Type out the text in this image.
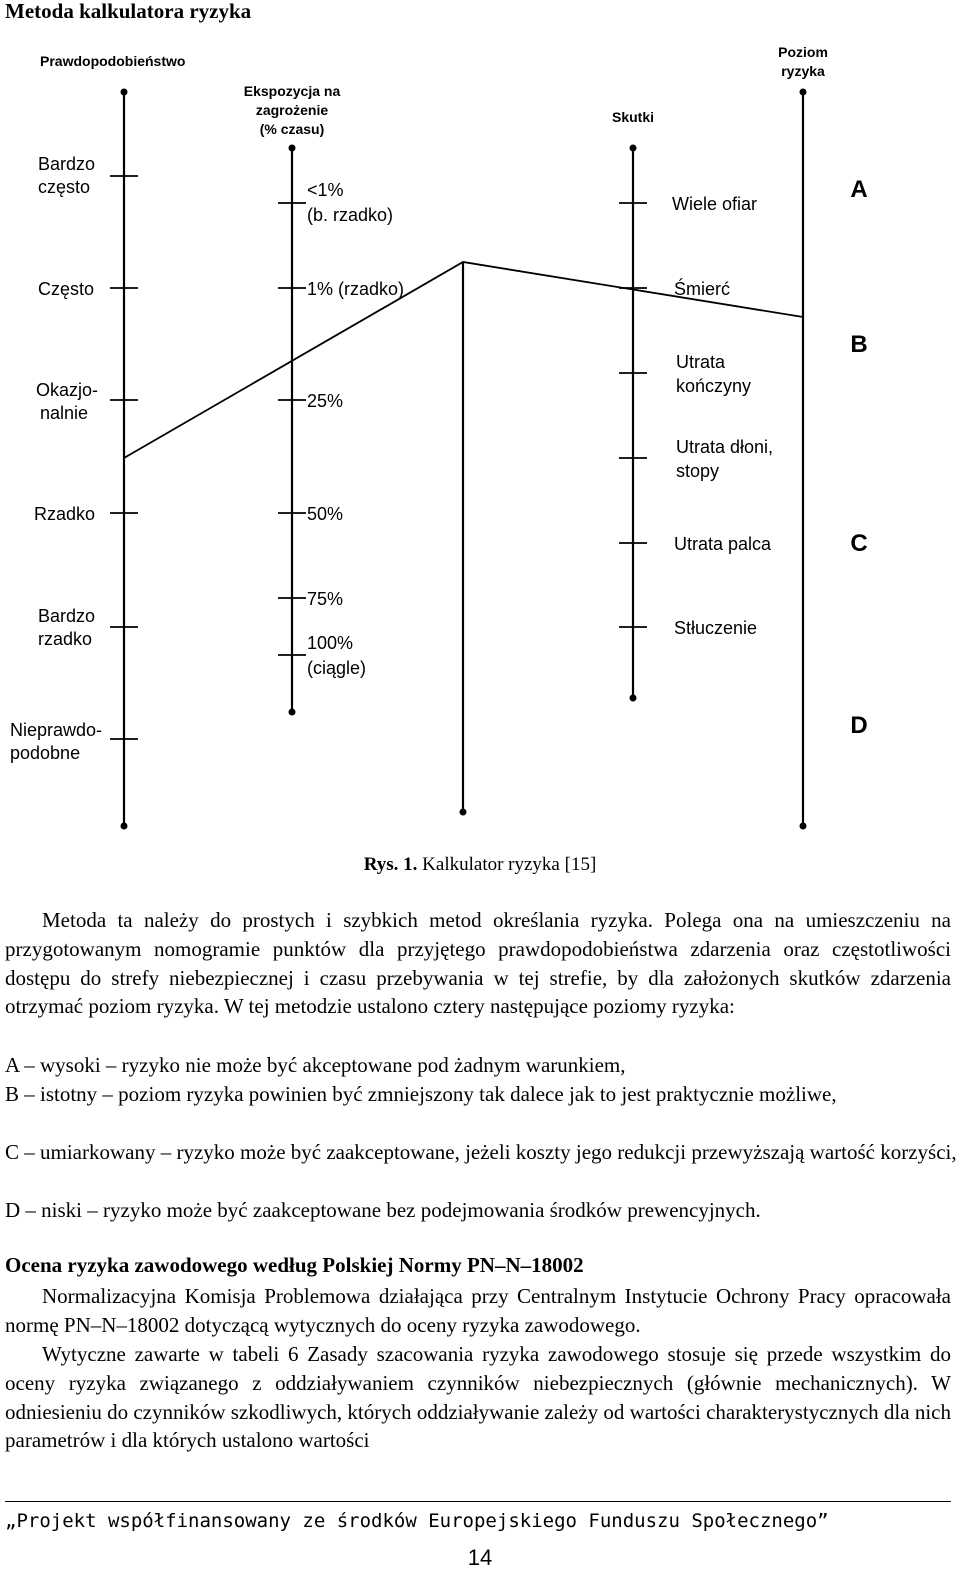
Metoda kalkulatora ryzyka
Prawdopodobieństwo
Ekspozycja na
zagrożenie
(% czasu)
Skutki
Poziom
ryzyka
Bardzo
często
Często
Okazjo-
nalnie
Rzadko
Bardzo
rzadko
Nieprawdo-
podobne
<1%
(b. rzadko)
1% (rzadko)
25%
50%
75%
100%
(ciągle)
Wiele ofiar
Śmierć
Utrata
kończyny
Utrata dłoni,
stopy
Utrata palca
Stłuczenie
A
B
C
D
Rys. 1. Kalkulator ryzyka [15]

Metoda ta należy do prostych i szybkich metod określania ryzyka. Polega ona na umieszczeniu na przygotowanym nomogramie punktów dla przyjętego prawdopodobieństwa zdarzenia oraz częstotliwości dostępu do strefy niebezpiecznej i czasu przebywania w tej strefie, by dla założonych skutków zdarzenia otrzymać poziom ryzyka. W tej metodzie ustalono cztery następujące poziomy ryzyka:

A – wysoki – ryzyko nie może być akceptowane pod żadnym warunkiem,

B – istotny – poziom ryzyka powinien być zmniejszony tak dalece jak to jest praktycznie możliwe,

C – umiarkowany – ryzyko może być zaakceptowane, jeżeli koszty jego redukcji przewyższają wartość korzyści,

D – niski – ryzyko może być zaakceptowane bez podejmowania środków prewencyjnych.

Ocena ryzyka zawodowego według Polskiej Normy PN–N–18002

Normalizacyjna Komisja Problemowa działająca przy Centralnym Instytucie Ochrony Pracy opracowała normę PN–N–18002 dotyczącą wytycznych do oceny ryzyka zawodowego.

Wytyczne zawarte w tabeli 6 Zasady szacowania ryzyka zawodowego stosuje się przede wszystkim do oceny ryzyka związanego z oddziaływaniem czynników niebezpiecznych (głównie mechanicznych). W odniesieniu do czynników szkodliwych, których oddziaływanie zależy od wartości charakterystycznych dla nich parametrów i dla których ustalono wartości

„Projekt współfinansowany ze środków Europejskiego Funduszu Społecznego”
14
